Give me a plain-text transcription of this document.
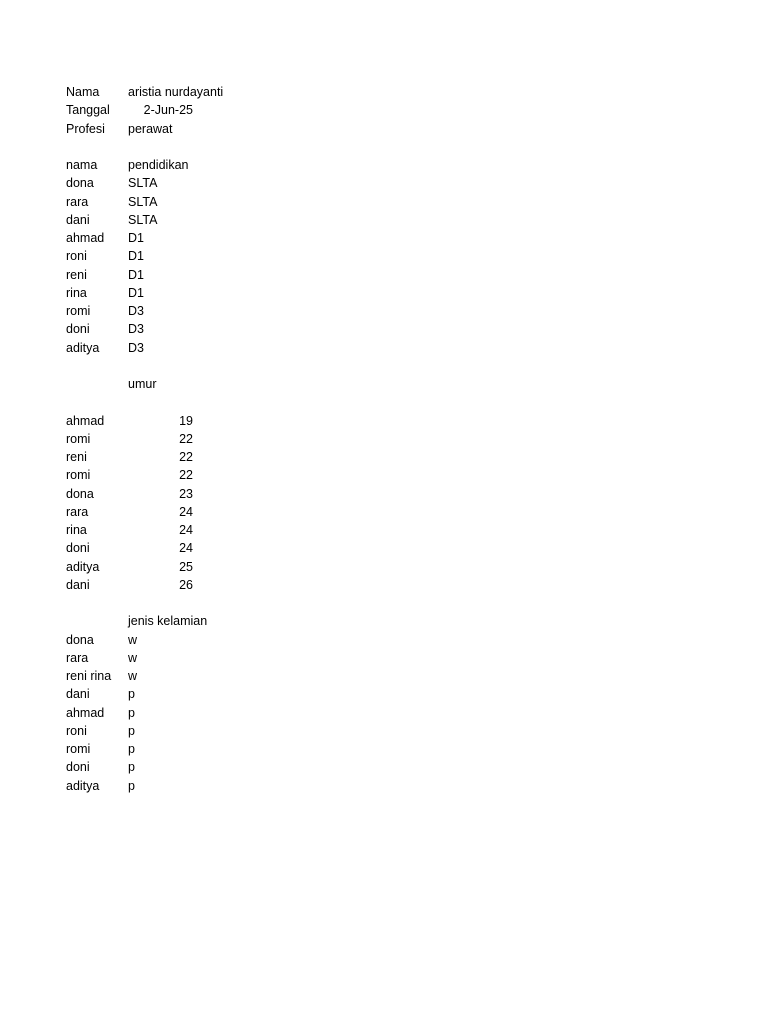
Nama aristia nurdayanti
Tanggal	2-Jun-25
Profesi perawat
nama pendidikan
dona	SLTA
rara	SLTA
dani	SLTA
ahmad D1
roni	D1
reni	D1
rina	D1
romi	D3
doni	D3
aditya D3
umur
ahmad	19
romi	22
reni	22
romi	22
dona	23
rara	24
rina	24
doni	24
aditya	25
dani	26
jenis kelamian
dona	w
rara	w
reni rina w
dani	p
ahmad p
roni	p
romi	p
doni	p
aditya p
